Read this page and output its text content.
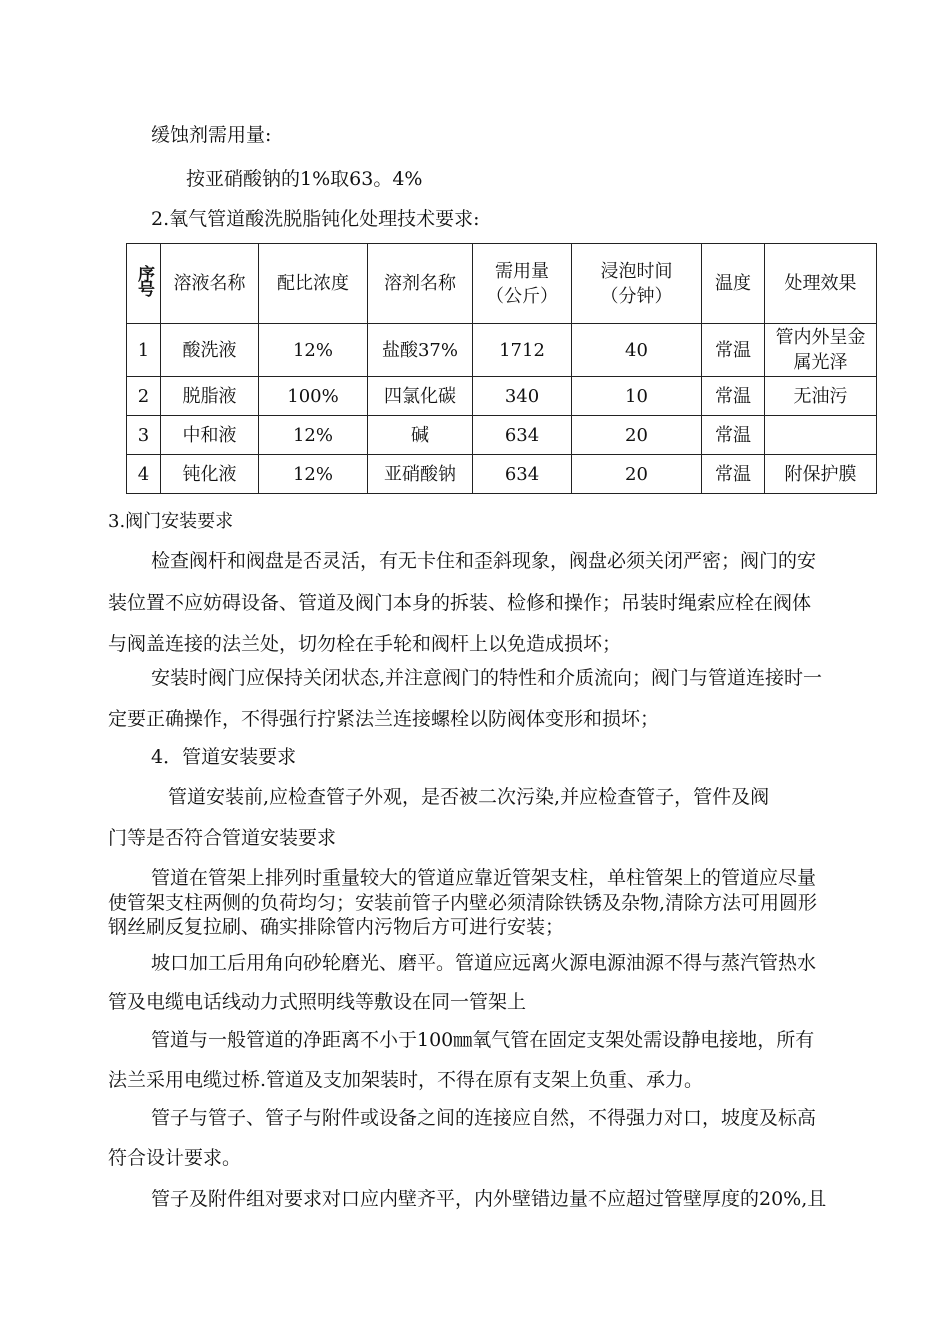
缓蚀剂需用量:

按亚硝酸钠的1%取63。4%

2.氧气管道酸洗脱脂钝化处理技术要求:

序号	溶液名称	配比浓度	溶剂名称	需用量（公斤）	浸泡时间（分钟）	温度	处理效果
1	酸洗液	12%	盐酸37%	1712	40	常温	管内外呈金属光泽
2	脱脂液	100%	四氯化碳	340	10	常温	无油污
3	中和液	12%	碱	634	20	常温	
4	钝化液	12%	亚硝酸钠	634	20	常温	附保护膜

3.阀门安装要求

检查阀杆和阀盘是否灵活，有无卡住和歪斜现象，阀盘必须关闭严密；阀门的安

装位置不应妨碍设备、管道及阀门本身的拆装、检修和操作；吊装时绳索应栓在阀体

与阀盖连接的法兰处，切勿栓在手轮和阀杆上以免造成损坏；

安装时阀门应保持关闭状态,并注意阀门的特性和介质流向；阀门与管道连接时一

定要正确操作，不得强行拧紧法兰连接螺栓以防阀体变形和损坏；

4．管道安装要求

管道安装前,应检查管子外观，是否被二次污染,并应检查管子，管件及阀

门等是否符合管道安装要求

管道在管架上排列时重量较大的管道应靠近管架支柱，单柱管架上的管道应尽量

使管架支柱两侧的负荷均匀；安装前管子内壁必须清除铁锈及杂物,清除方法可用圆形

钢丝刷反复拉刷、确实排除管内污物后方可进行安装；

坡口加工后用角向砂轮磨光、磨平。管道应远离火源电源油源不得与蒸汽管热水

管及电缆电话线动力式照明线等敷设在同一管架上

管道与一般管道的净距离不小于100㎜氧气管在固定支架处需设静电接地，所有

法兰采用电缆过桥.管道及支加架装时，不得在原有支架上负重、承力。

管子与管子、管子与附件或设备之间的连接应自然，不得强力对口，坡度及标高

符合设计要求。

管子及附件组对要求对口应内壁齐平，内外壁错边量不应超过管壁厚度的20%,且
